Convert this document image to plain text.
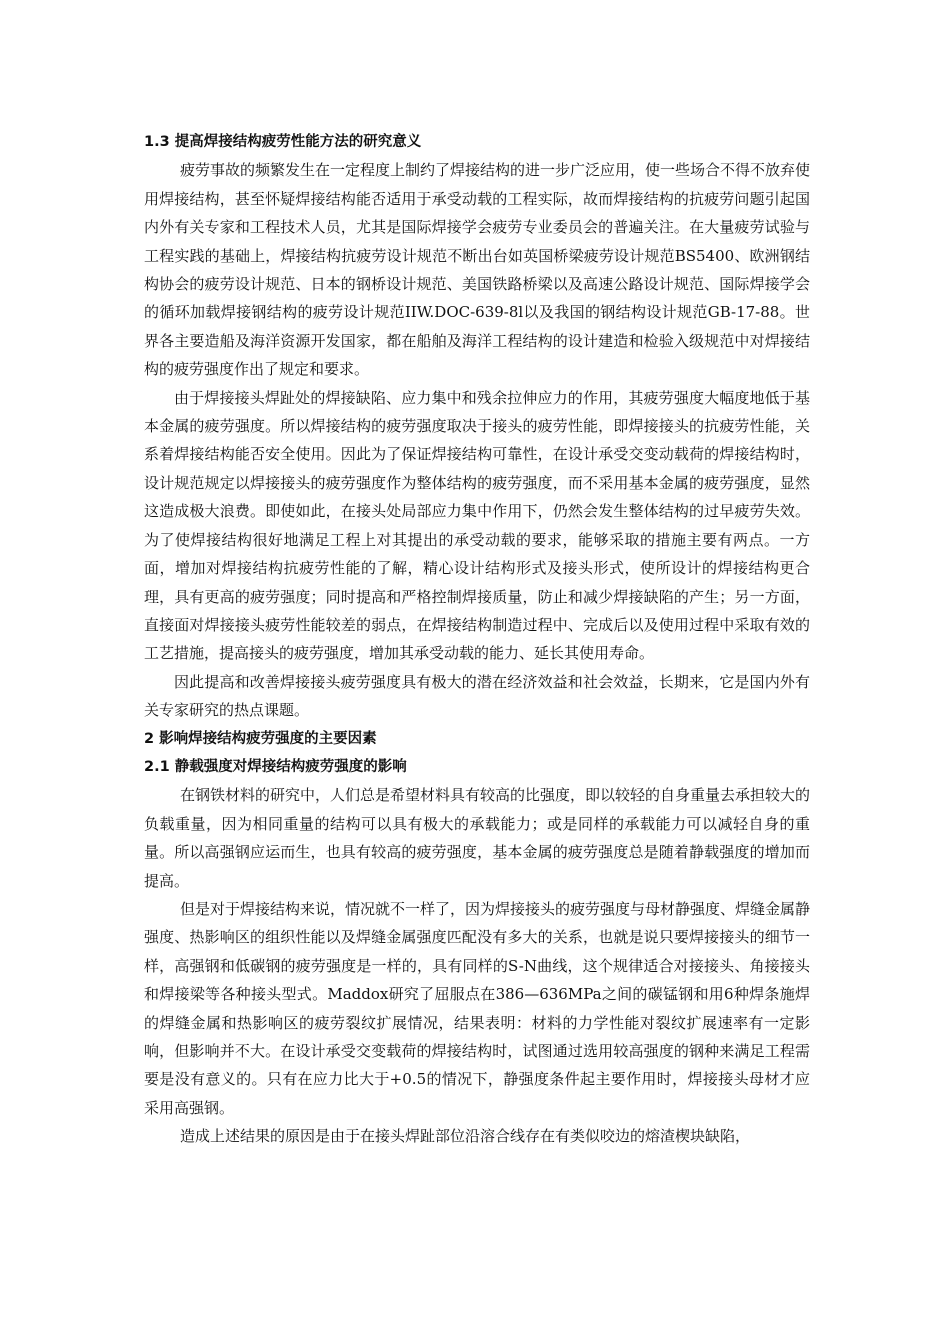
1.3 提高焊接结构疲劳性能方法的研究意义

疲劳事故的频繁发生在一定程度上制约了焊接结构的进一步广泛应用，使一些场合不得不放弃使用焊接结构，甚至怀疑焊接结构能否适用于承受动载的工程实际，故而焊接结构的抗疲劳问题引起国内外有关专家和工程技术人员，尤其是国际焊接学会疲劳专业委员会的普遍关注。在大量疲劳试验与工程实践的基础上，焊接结构抗疲劳设计规范不断出台如英国桥梁疲劳设计规范BS5400、欧洲钢结构协会的疲劳设计规范、日本的钢桥设计规范、美国铁路桥梁以及高速公路设计规范、国际焊接学会的循环加载焊接钢结构的疲劳设计规范IIW.DOC-639-8l以及我国的钢结构设计规范GB-17-88。世界各主要造船及海洋资源开发国家，都在船舶及海洋工程结构的设计建造和检验入级规范中对焊接结构的疲劳强度作出了规定和要求。

由于焊接接头焊趾处的焊接缺陷、应力集中和残余拉伸应力的作用，其疲劳强度大幅度地低于基本金属的疲劳强度。所以焊接结构的疲劳强度取决于接头的疲劳性能，即焊接接头的抗疲劳性能，关系着焊接结构能否安全使用。因此为了保证焊接结构可靠性，在设计承受交变动载荷的焊接结构时，设计规范规定以焊接接头的疲劳强度作为整体结构的疲劳强度，而不采用基本金属的疲劳强度，显然这造成极大浪费。即使如此，在接头处局部应力集中作用下，仍然会发生整体结构的过早疲劳失效。为了使焊接结构很好地满足工程上对其提出的承受动载的要求，能够采取的措施主要有两点。一方面，增加对焊接结构抗疲劳性能的了解，精心设计结构形式及接头形式，使所设计的焊接结构更合理，具有更高的疲劳强度；同时提高和严格控制焊接质量，防止和减少焊接缺陷的产生；另一方面，直接面对焊接接头疲劳性能较差的弱点，在焊接结构制造过程中、完成后以及使用过程中采取有效的工艺措施，提高接头的疲劳强度，增加其承受动载的能力、延长其使用寿命。

因此提高和改善焊接接头疲劳强度具有极大的潜在经济效益和社会效益，长期来，它是国内外有关专家研究的热点课题。

2 影响焊接结构疲劳强度的主要因素
2.1 静载强度对焊接结构疲劳强度的影响

在钢铁材料的研究中，人们总是希望材料具有较高的比强度，即以较轻的自身重量去承担较大的负载重量，因为相同重量的结构可以具有极大的承载能力；或是同样的承载能力可以减轻自身的重量。所以高强钢应运而生，也具有较高的疲劳强度，基本金属的疲劳强度总是随着静载强度的增加而提高。

但是对于焊接结构来说，情况就不一样了，因为焊接接头的疲劳强度与母材静强度、焊缝金属静强度、热影响区的组织性能以及焊缝金属强度匹配没有多大的关系，也就是说只要焊接接头的细节一样，高强钢和低碳钢的疲劳强度是一样的，具有同样的S-N曲线，这个规律适合对接接头、角接接头和焊接梁等各种接头型式。Maddox研究了屈服点在386—636MPa之间的碳锰钢和用6种焊条施焊的焊缝金属和热影响区的疲劳裂纹扩展情况，结果表明：材料的力学性能对裂纹扩展速率有一定影响，但影响并不大。在设计承受交变载荷的焊接结构时，试图通过选用较高强度的钢种来满足工程需要是没有意义的。只有在应力比大于+0.5的情况下，静强度条件起主要作用时，焊接接头母材才应采用高强钢。

造成上述结果的原因是由于在接头焊趾部位沿溶合线存在有类似咬边的熔渣楔块缺陷，
